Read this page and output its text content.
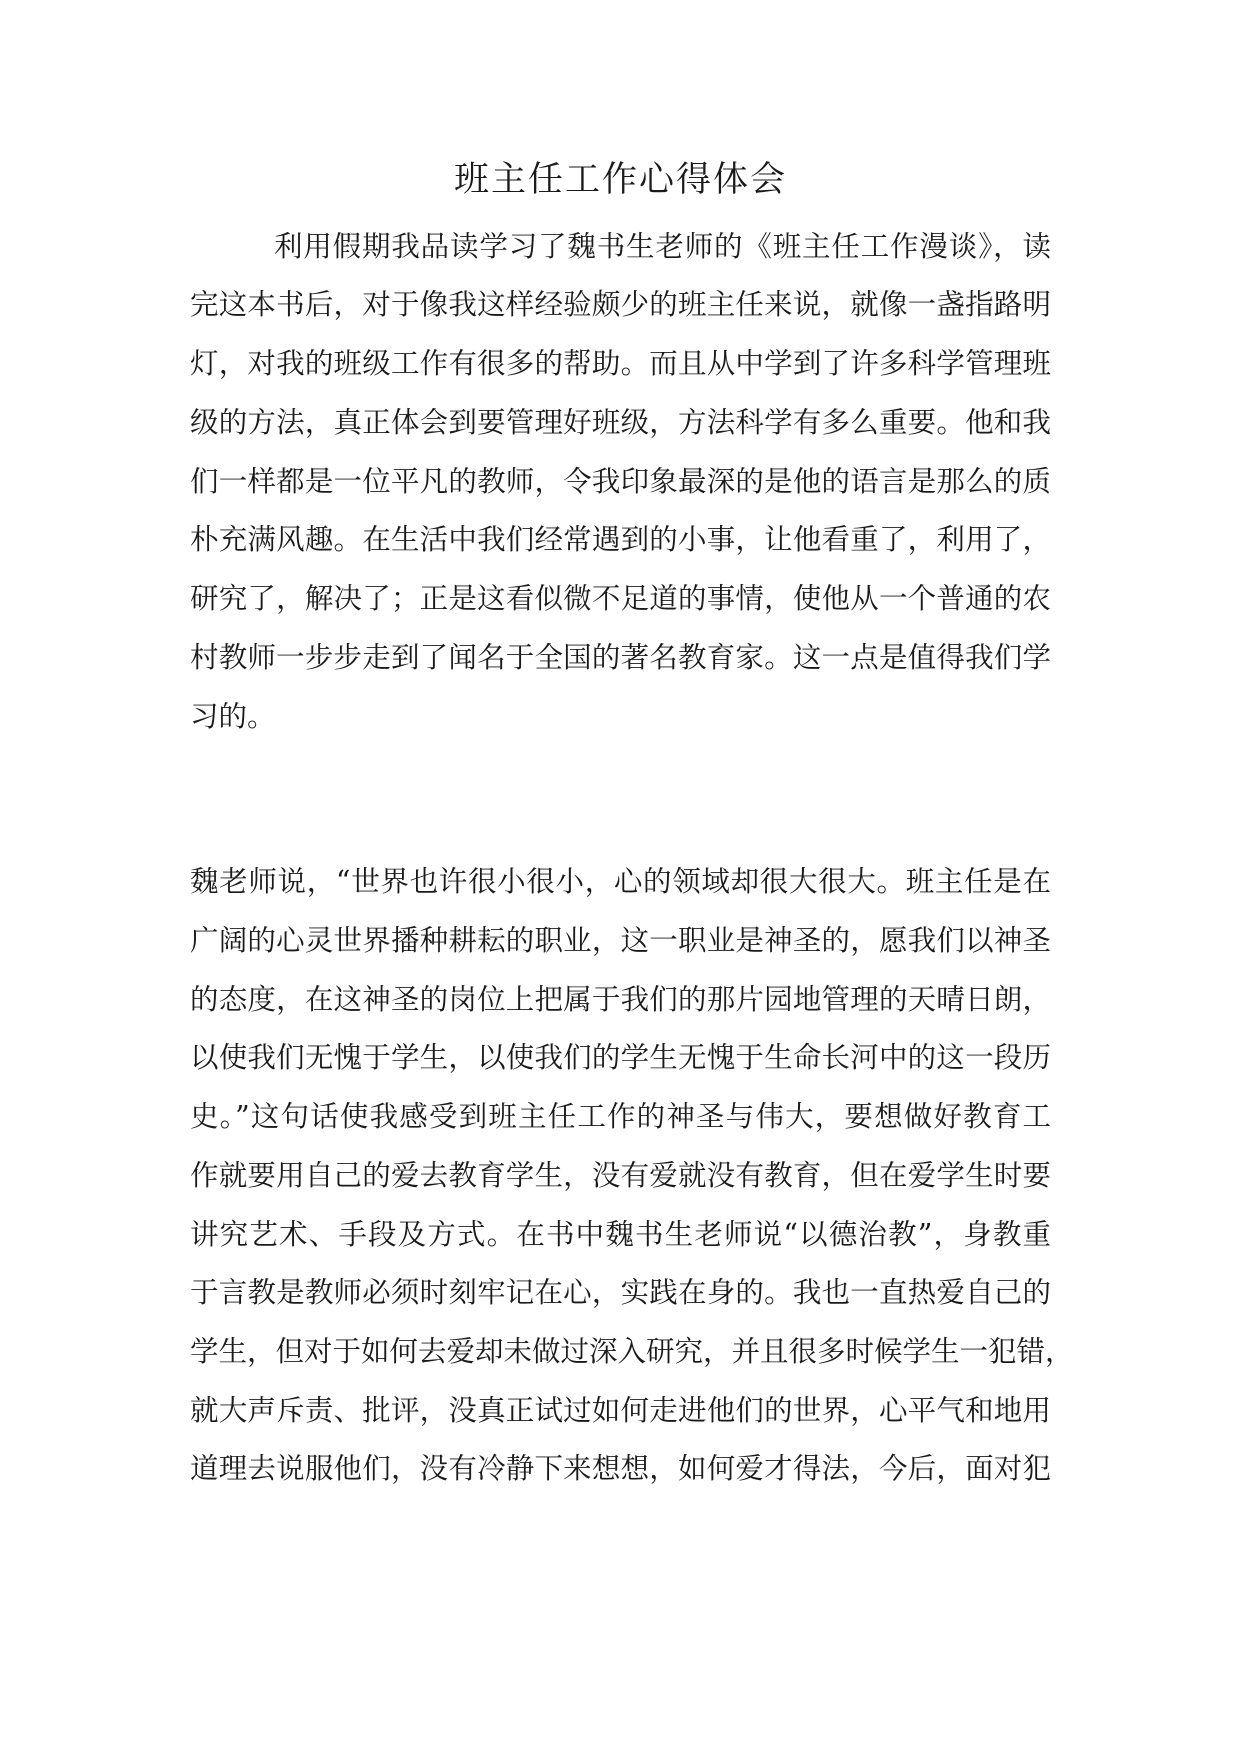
班主任工作心得体会
利用假期我品读学习了魏书生老师的《班主任工作漫谈》，读
完这本书后，对于像我这样经验颇少的班主任来说，就像一盏指路明
灯，对我的班级工作有很多的帮助。而且从中学到了许多科学管理班
级的方法，真正体会到要管理好班级，方法科学有多么重要。他和我
们一样都是一位平凡的教师，令我印象最深的是他的语言是那么的质
朴充满风趣。在生活中我们经常遇到的小事，让他看重了，利用了，
研究了，解决了；正是这看似微不足道的事情，使他从一个普通的农
村教师一步步走到了闻名于全国的著名教育家。这一点是值得我们学
习的。
魏老师说，“世界也许很小很小，心的领域却很大很大。班主任是在
广阔的心灵世界播种耕耘的职业，这一职业是神圣的，愿我们以神圣
的态度，在这神圣的岗位上把属于我们的那片园地管理的天晴日朗，
以使我们无愧于学生，以使我们的学生无愧于生命长河中的这一段历
史。”这句话使我感受到班主任工作的神圣与伟大，要想做好教育工
作就要用自己的爱去教育学生，没有爱就没有教育，但在爱学生时要
讲究艺术、手段及方式。在书中魏书生老师说“以德治教”，身教重
于言教是教师必须时刻牢记在心，实践在身的。我也一直热爱自己的
学生，但对于如何去爱却未做过深入研究，并且很多时候学生一犯错，
就大声斥责、批评，没真正试过如何走进他们的世界，心平气和地用
道理去说服他们，没有冷静下来想想，如何爱才得法，今后，面对犯
